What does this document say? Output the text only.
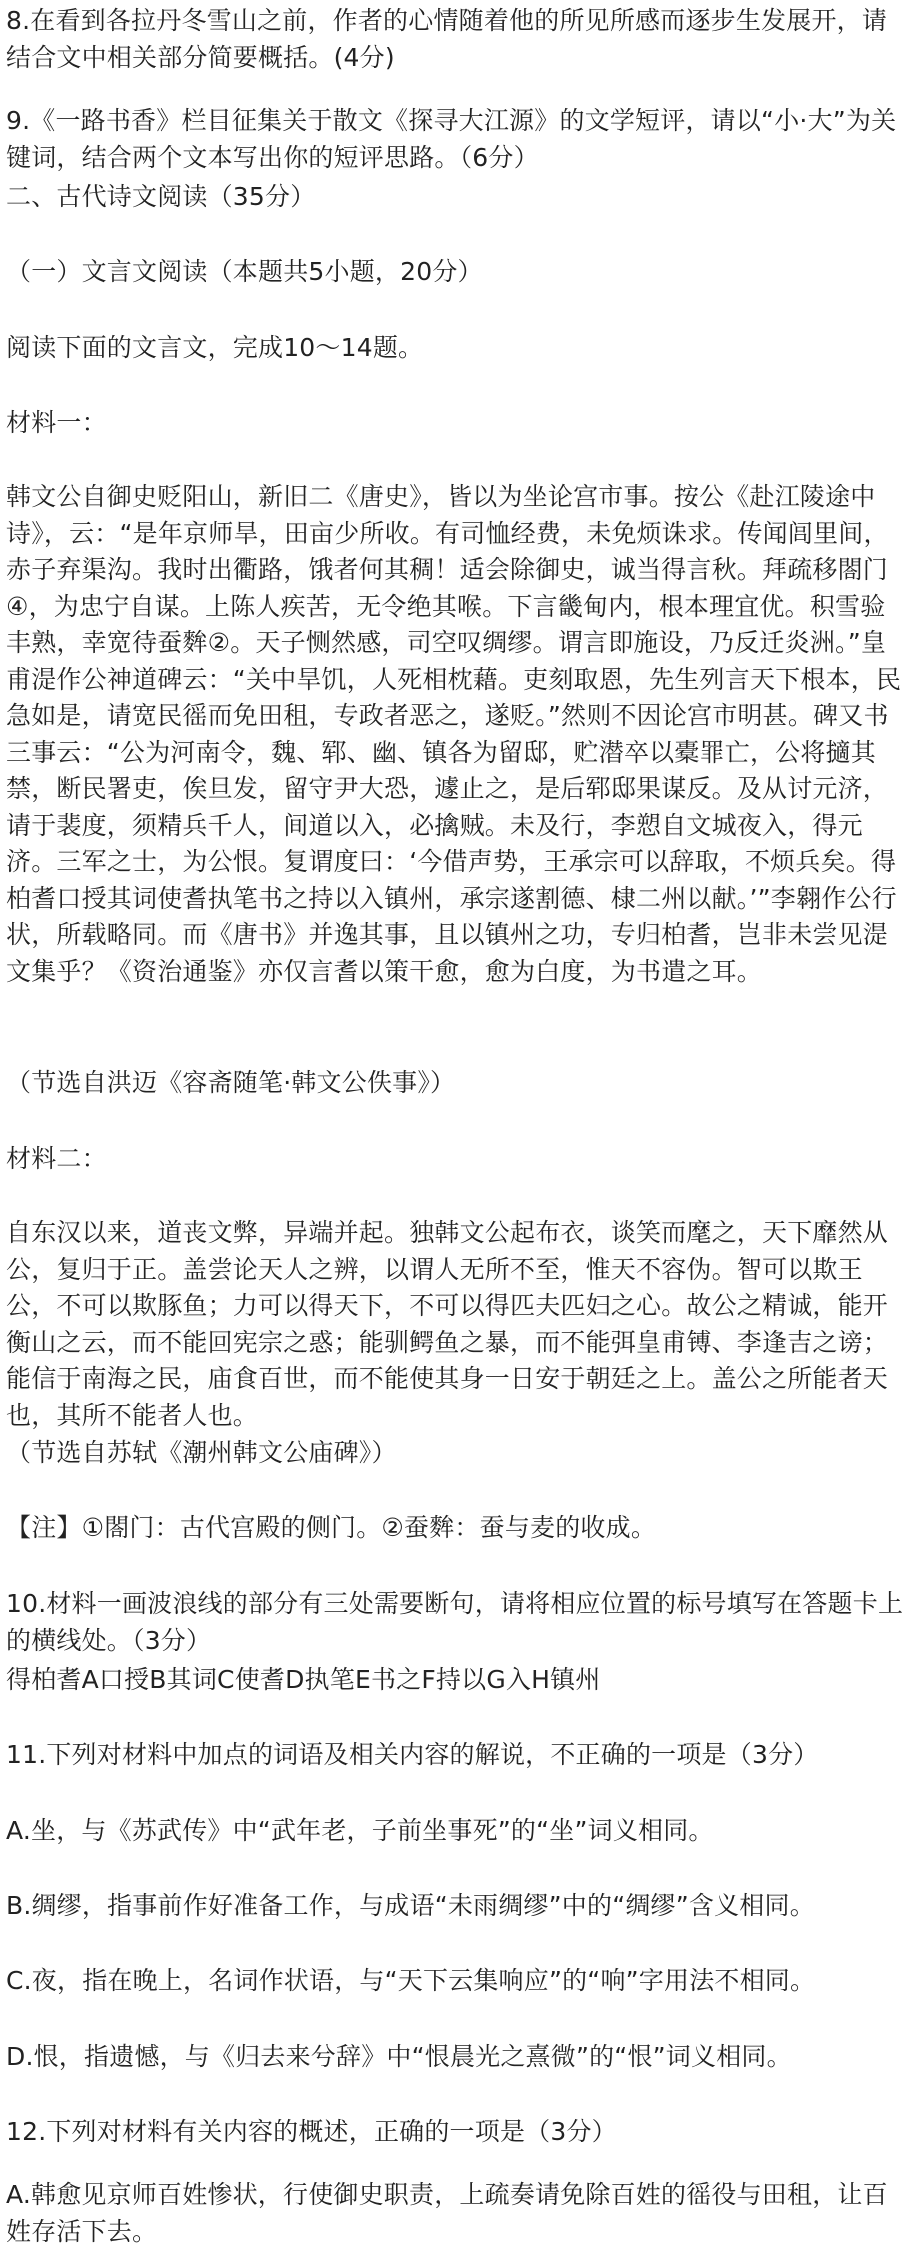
8.在看到各拉丹冬雪山之前，作者的心情随着他的所见所感而逐步生发展开，请结合文中相关部分简要概括。(4分)

9.《一路书香》栏目征集关于散文《探寻大江源》的文学短评，请以“小·大”为关键词，结合两个文本写出你的短评思路。（6分）

二、古代诗文阅读（35分）

（一）文言文阅读（本题共5小题，20分）

阅读下面的文言文，完成10～14题。

材料一：

韩文公自御史贬阳山，新旧二《唐史》，皆以为坐论宫市事。按公《赴江陵途中诗》，云：“是年京师旱，田亩少所收。有司恤经费，未免烦诛求。传闻闾里间，赤子弃渠沟。我时出衢路，饿者何其稠！适会除御史，诚当得言秋。拜疏移閤门④，为忠宁自谋。上陈人疾苦，无令绝其喉。下言畿甸内，根本理宜优。积雪验丰熟，幸宽待蚕麰②。天子恻然感，司空叹绸缪。谓言即施设，乃反迁炎洲。”皇甫湜作公神道碑云：“关中旱饥，人死相枕藉。吏刻取恩，先生列言天下根本，民急如是，请宽民徭而免田租，专政者恶之，遂贬。”然则不因论宫市明甚。碑又书三事云：“公为河南令，魏、郓、幽、镇各为留邸，贮潜卒以橐罪亡，公将擿其禁，断民署吏，俟旦发，留守尹大恐，遽止之，是后郓邸果谋反。及从讨元济，请于裴度，须精兵千人，间道以入，必擒贼。未及行，李愬自文城夜入，得元济。三军之士，为公恨。复谓度曰：‘今借声势，王承宗可以辞取，不烦兵矣。得柏耆口授其词使耆执笔书之持以入镇州，承宗遂割德、棣二州以献。’”李翱作公行状，所载略同。而《唐书》并逸其事，且以镇州之功，专归柏耆，岂非未尝见湜文集乎？《资治通鉴》亦仅言耆以策干愈，愈为白度，为书遣之耳。

（节选自洪迈《容斋随笔·韩文公佚事》）

材料二：

自东汉以来，道丧文弊，异端并起。独韩文公起布衣，谈笑而麾之，天下靡然从公，复归于正。盖尝论天人之辨，以谓人无所不至，惟天不容伪。智可以欺王公，不可以欺豚鱼；力可以得天下，不可以得匹夫匹妇之心。故公之精诚，能开衡山之云，而不能回宪宗之惑；能驯鳄鱼之暴，而不能弭皇甫镈、李逢吉之谤；能信于南海之民，庙食百世，而不能使其身一日安于朝廷之上。盖公之所能者天也，其所不能者人也。

（节选自苏轼《潮州韩文公庙碑》）

【注】①閤门：古代宫殿的侧门。②蚕麰：蚕与麦的收成。

10.材料一画波浪线的部分有三处需要断句，请将相应位置的标号填写在答题卡上的横线处。（3分）

得柏耆A口授B其词C使耆D执笔E书之F持以G入H镇州

11.下列对材料中加点的词语及相关内容的解说，不正确的一项是（3分）

A.坐，与《苏武传》中“武年老，子前坐事死”的“坐”词义相同。

B.绸缪，指事前作好准备工作，与成语“未雨绸缪”中的“绸缪”含义相同。

C.夜，指在晚上，名词作状语，与“天下云集响应”的“响”字用法不相同。

D.恨，指遗憾，与《归去来兮辞》中“恨晨光之熹微”的“恨”词义相同。

12.下列对材料有关内容的概述，正确的一项是（3分）

A.韩愈见京师百姓惨状，行使御史职责，上疏奏请免除百姓的徭役与田租，让百姓存活下去。
